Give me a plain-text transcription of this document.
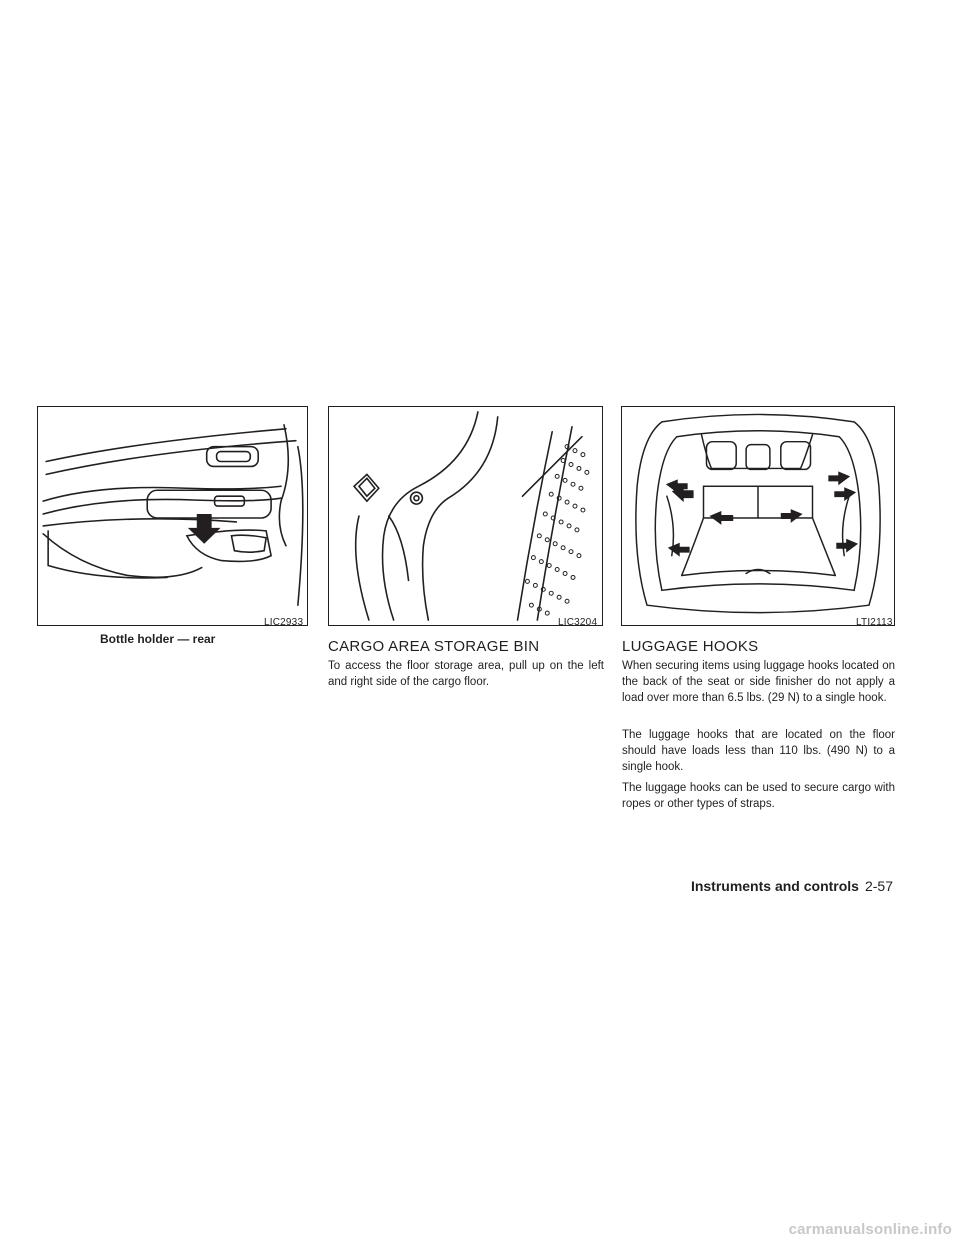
LIC2933
Bottle holder — rear
LIC3204	LTI2113
CARGO AREA STORAGE BIN

To access the floor storage area, pull up on the left and right side of the cargo floor.

LUGGAGE HOOKS

When securing items using luggage hooks located on the back of the seat or side finisher do not apply a load over more than 6.5 lbs. (29 N) to a single hook.

The luggage hooks that are located on the floor should have loads less than 110 lbs. (490 N) to a single hook.

The luggage hooks can be used to secure cargo with ropes or other types of straps.

Instruments and controls 2-57
carmanualsonline.info
